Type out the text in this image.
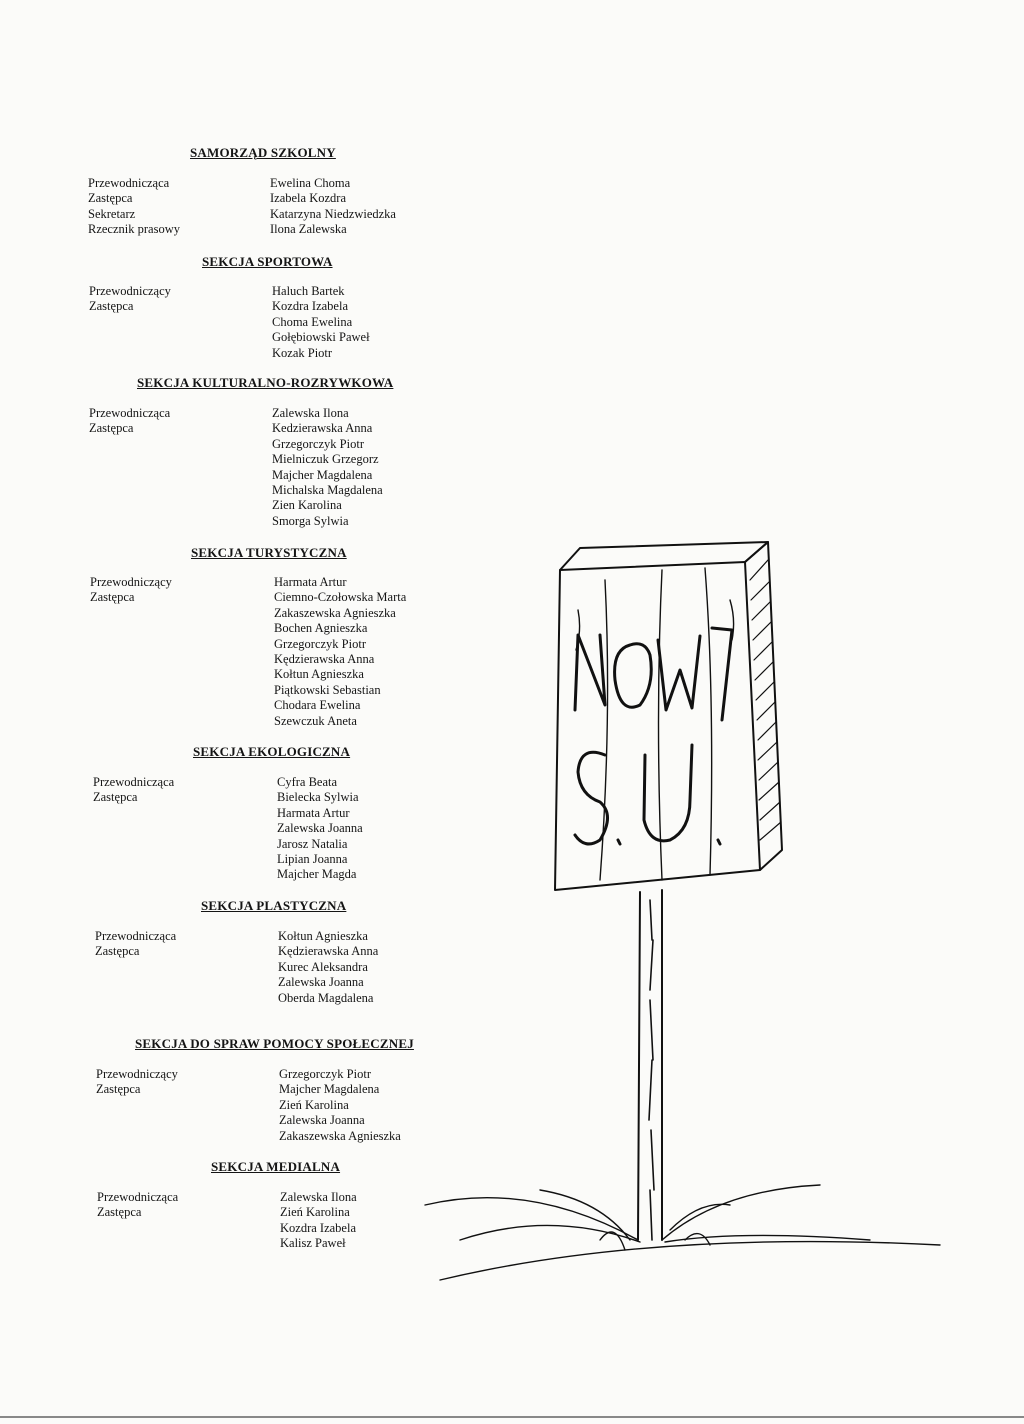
SAMORZĄD SZKOLNY
Przewodnicząca
Zastępca
Sekretarz
Rzecznik prasowy
Ewelina Choma
Izabela Kozdra
Katarzyna Niedzwiedzka
Ilona Zalewska
SEKCJA SPORTOWA
Przewodniczący
Zastępca
Haluch Bartek
Kozdra Izabela
Choma Ewelina
Gołębiowski Paweł
Kozak Piotr
SEKCJA KULTURALNO-ROZRYWKOWA
Przewodnicząca
Zastępca
Zalewska Ilona
Kedzierawska Anna
Grzegorczyk Piotr
Mielniczuk Grzegorz
Majcher Magdalena
Michalska Magdalena
Zien Karolina
Smorga Sylwia
SEKCJA TURYSTYCZNA
Przewodniczący
Zastępca
Harmata Artur
Ciemno-Czołowska Marta
Zakaszewska Agnieszka
Bochen Agnieszka
Grzegorczyk Piotr
Kędzierawska Anna
Kołtun Agnieszka
Piątkowski Sebastian
Chodara Ewelina
Szewczuk Aneta
SEKCJA EKOLOGICZNA
Przewodnicząca
Zastępca
Cyfra Beata
Bielecka Sylwia
Harmata Artur
Zalewska Joanna
Jarosz Natalia
Lipian Joanna
Majcher Magda
SEKCJA PLASTYCZNA
Przewodnicząca
Zastępca
Kołtun Agnieszka
Kędzierawska Anna
Kurec Aleksandra
Zalewska Joanna
Oberda Magdalena
SEKCJA DO SPRAW POMOCY SPOŁECZNEJ
Przewodniczący
Zastępca
Grzegorczyk Piotr
Majcher Magdalena
Zień Karolina
Zalewska Joanna
Zakaszewska Agnieszka
SEKCJA MEDIALNA
Przewodnicząca
Zastępca
Zalewska Ilona
Zień Karolina
Kozdra Izabela
Kalisz Paweł
